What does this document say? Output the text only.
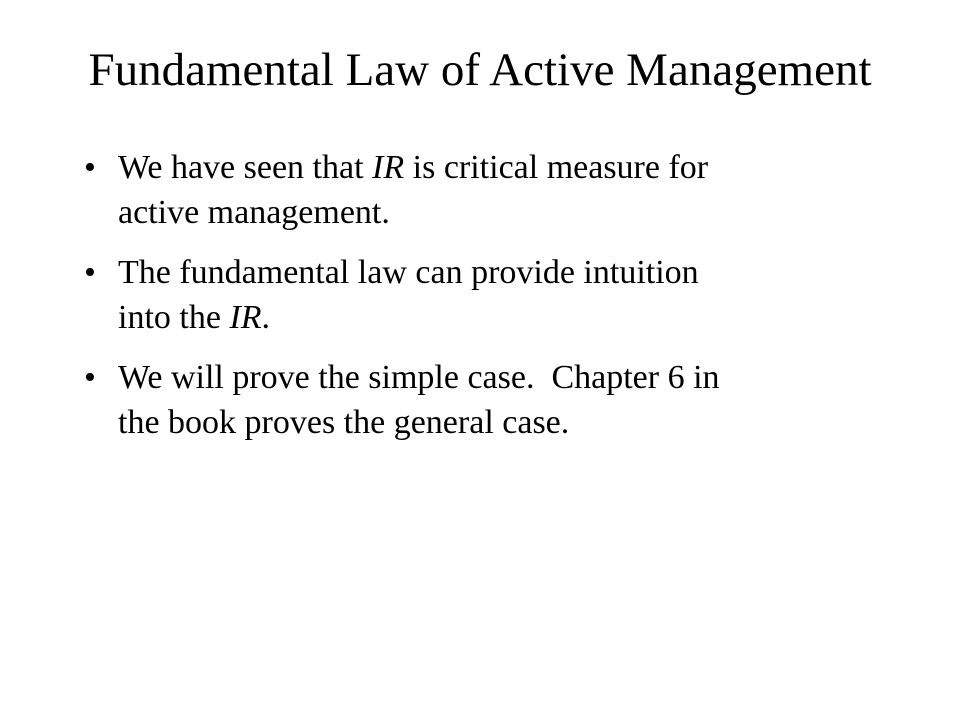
Fundamental Law of Active Management
• We have seen that IR is critical measure for
active management.
• The fundamental law can provide intuition
into the IR.
• We will prove the simple case.  Chapter 6 in
the book proves the general case.
